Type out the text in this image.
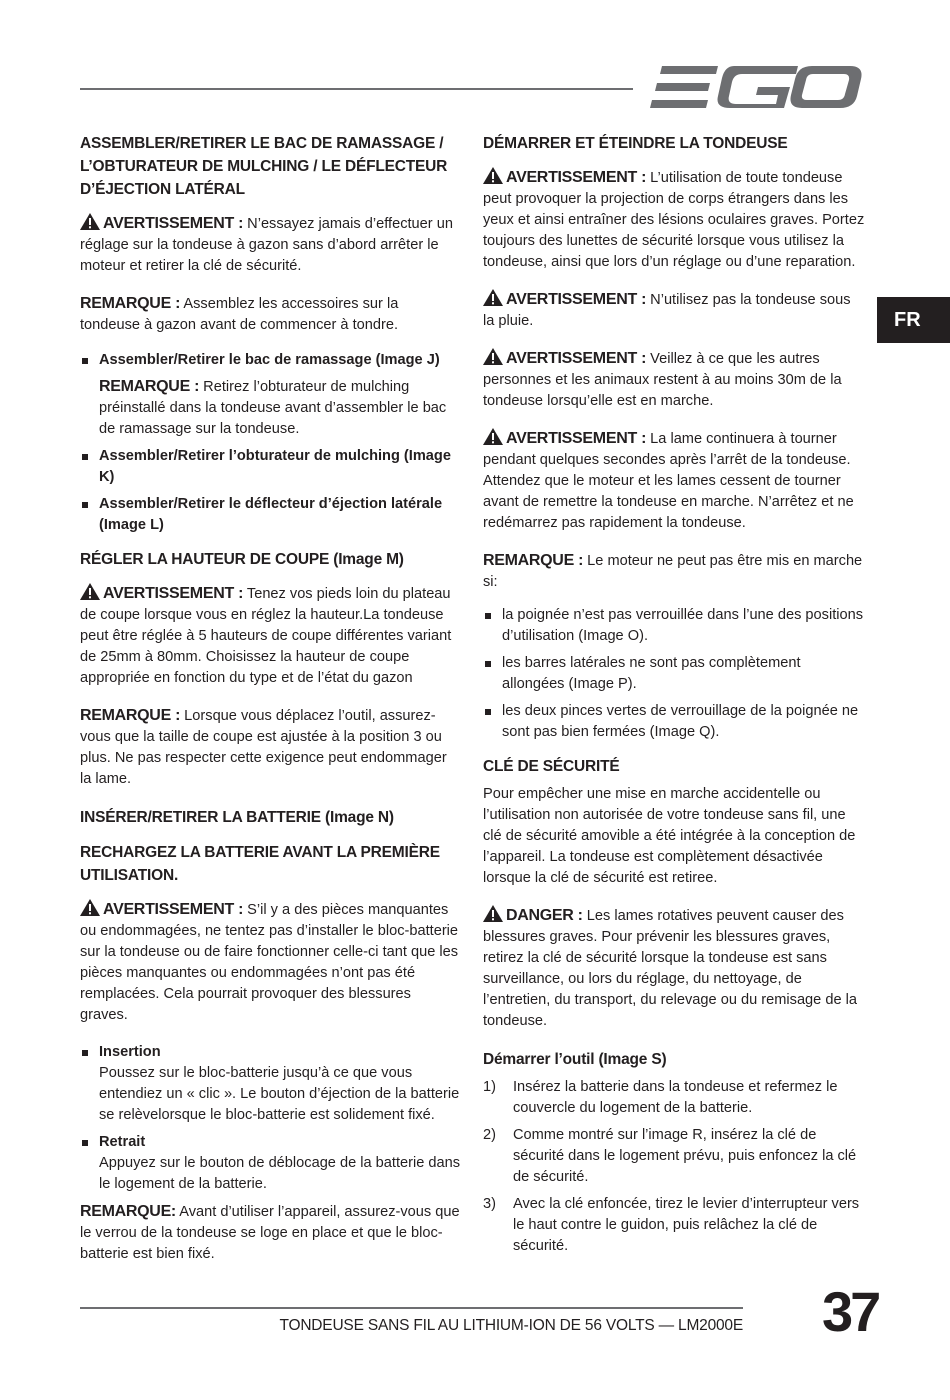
FR
ASSEMBLER/RETIRER LE BAC DE RAMASSAGE / L’OBTURATEUR DE MULCHING / LE DÉFLECTEUR D’ÉJECTION LATÉRAL

AVERTISSEMENT : N’essayez jamais d’effectuer un réglage sur la tondeuse à gazon sans d’abord arrêter le moteur et retirer la clé de sécurité.

REMARQUE : Assemblez les accessoires sur la tondeuse à gazon avant de commencer à tondre.

Assembler/Retirer le bac de ramassage (Image J)
REMARQUE : Retirez l’obturateur de mulching préinstallé dans la tondeuse avant d’assembler le bac de ramassage sur la tondeuse.
Assembler/Retirer l’obturateur de mulching (Image K)
Assembler/Retirer le déflecteur d’éjection latérale (Image L)
RÉGLER LA HAUTEUR DE COUPE (Image M)

AVERTISSEMENT : Tenez vos pieds loin du plateau de coupe lorsque vous en réglez la hauteur.La tondeuse peut être réglée à 5 hauteurs de coupe différentes variant de 25mm à 80mm. Choisissez la hauteur de coupe appropriée en fonction du type et de l’état du gazon

REMARQUE : Lorsque vous déplacez l’outil, assurez-vous que la taille de coupe est ajustée à la position 3 ou plus. Ne pas respecter cette exigence peut endommager la lame.

INSÉRER/RETIRER LA BATTERIE (Image N)
RECHARGEZ LA BATTERIE AVANT LA PREMIÈRE UTILISATION.

AVERTISSEMENT : S’il y a des pièces manquantes ou endommagées, ne tentez pas d’installer le bloc-batterie sur la tondeuse ou de faire fonctionner celle-ci tant que les pièces manquantes ou endommagées n’ont pas été remplacées. Cela pourrait provoquer des blessures graves.

Insertion
Poussez sur le bloc-batterie jusqu’à ce que vous entendiez un « clic ». Le bouton d’éjection de la batterie se relèvelorsque le bloc-batterie est solidement fixé.
Retrait
Appuyez sur le bouton de déblocage de la batterie dans le logement de la batterie.

REMARQUE: Avant d’utiliser l’appareil, assurez-vous que le verrou de la tondeuse se loge en place et que le bloc-batterie est bien fixé.

DÉMARRER ET ÉTEINDRE LA TONDEUSE

AVERTISSEMENT : L’utilisation de toute tondeuse peut provoquer la projection de corps étrangers dans les yeux et ainsi entraîner des lésions oculaires graves. Portez toujours des lunettes de sécurité lorsque vous utilisez la tondeuse, ainsi que lors d’un réglage ou d’une reparation.

AVERTISSEMENT : N’utilisez pas la tondeuse sous la pluie.

AVERTISSEMENT : Veillez à ce que les autres personnes et les animaux restent à au moins 30m de la tondeuse lorsqu’elle est en marche.

AVERTISSEMENT : La lame continuera à tourner pendant quelques secondes après l’arrêt de la tondeuse. Attendez que le moteur et les lames cessent de tourner avant de remettre la tondeuse en marche. N’arrêtez et ne redémarrez pas rapidement la tondeuse.

REMARQUE : Le moteur ne peut pas être mis en marche si:

la poignée n’est pas verrouillée dans l’une des positions d’utilisation (Image O).
les barres latérales ne sont pas complètement allongées (Image P).
les deux pinces vertes de verrouillage de la poignée ne sont pas bien fermées (Image Q).
CLÉ DE SÉCURITÉ

Pour empêcher une mise en marche accidentelle ou l’utilisation non autorisée de votre tondeuse sans fil, une clé de sécurité amovible a été intégrée à la conception de l’appareil. La tondeuse est complètement désactivée lorsque la clé de sécurité est retiree.

DANGER : Les lames rotatives peuvent causer des blessures graves. Pour prévenir les blessures graves, retirez la clé de sécurité lorsque la tondeuse est sans surveillance, ou lors du réglage, du nettoyage, de l’entretien, du transport, du relevage ou du remisage de la tondeuse.

Démarrer l’outil (Image S)
1) Insérez la batterie dans la tondeuse et refermez le couvercle du logement de la batterie.
2) Comme montré sur l’image R, insérez la clé de sécurité dans le logement prévu, puis enfoncez la clé de sécurité.
3) Avec la clé enfoncée, tirez le levier d’interrupteur vers le haut contre le guidon, puis relâchez la clé de sécurité.
TONDEUSE SANS FIL AU LITHIUM-ION DE 56 VOLTS — LM2000E 37
